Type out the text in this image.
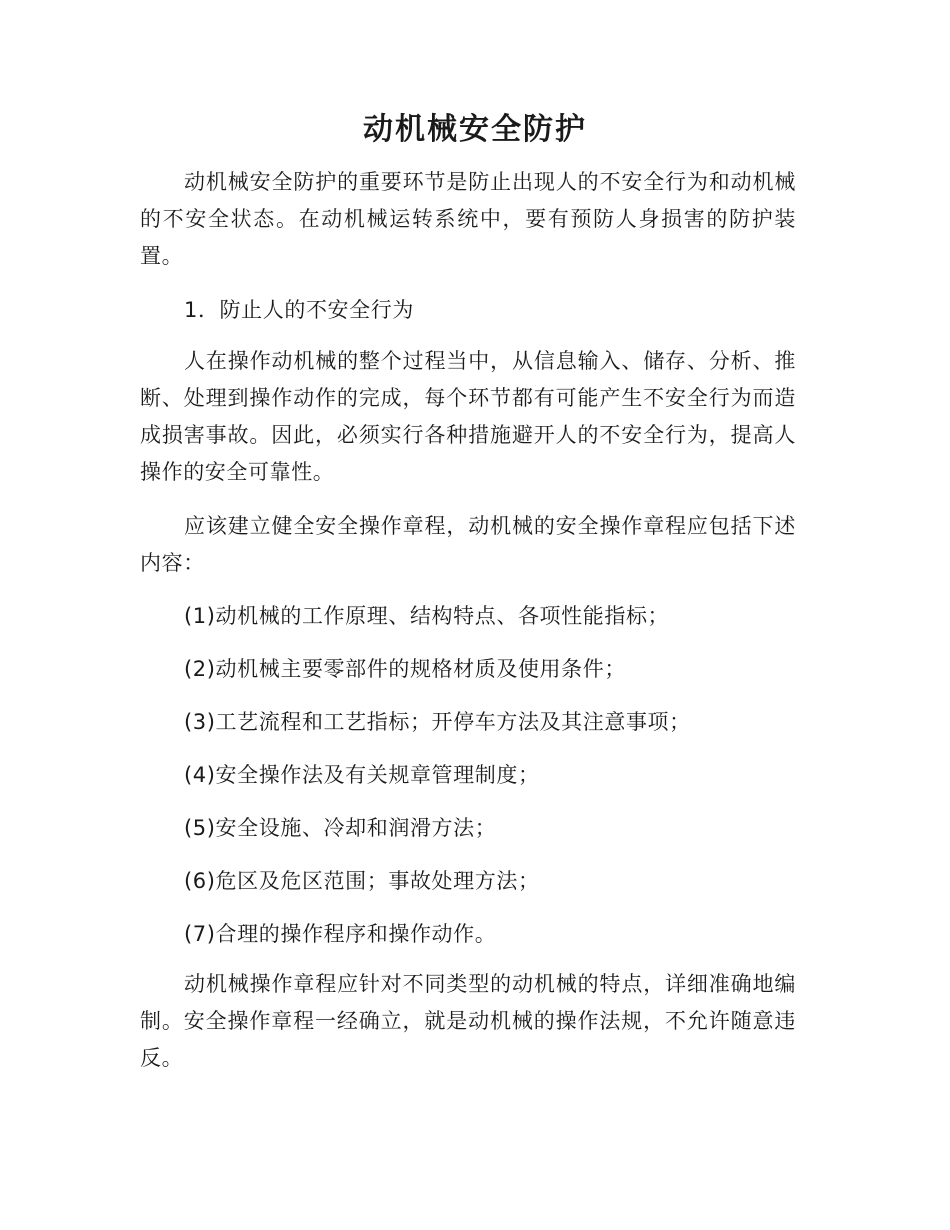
动机械安全防护

动机械安全防护的重要环节是防止出现人的不安全行为和动机械的不安全状态。在动机械运转系统中，要有预防人身损害的防护装置。

1．防止人的不安全行为

人在操作动机械的整个过程当中，从信息输入、储存、分析、推断、处理到操作动作的完成，每个环节都有可能产生不安全行为而造成损害事故。因此，必须实行各种措施避开人的不安全行为，提高人操作的安全可靠性。

应该建立健全安全操作章程，动机械的安全操作章程应包括下述内容：

(1)动机械的工作原理、结构特点、各项性能指标；

(2)动机械主要零部件的规格材质及使用条件；

(3)工艺流程和工艺指标；开停车方法及其注意事项；

(4)安全操作法及有关规章管理制度；

(5)安全设施、冷却和润滑方法；

(6)危区及危区范围；事故处理方法；

(7)合理的操作程序和操作动作。

动机械操作章程应针对不同类型的动机械的特点，详细准确地编制。安全操作章程一经确立，就是动机械的操作法规，不允许随意违反。
